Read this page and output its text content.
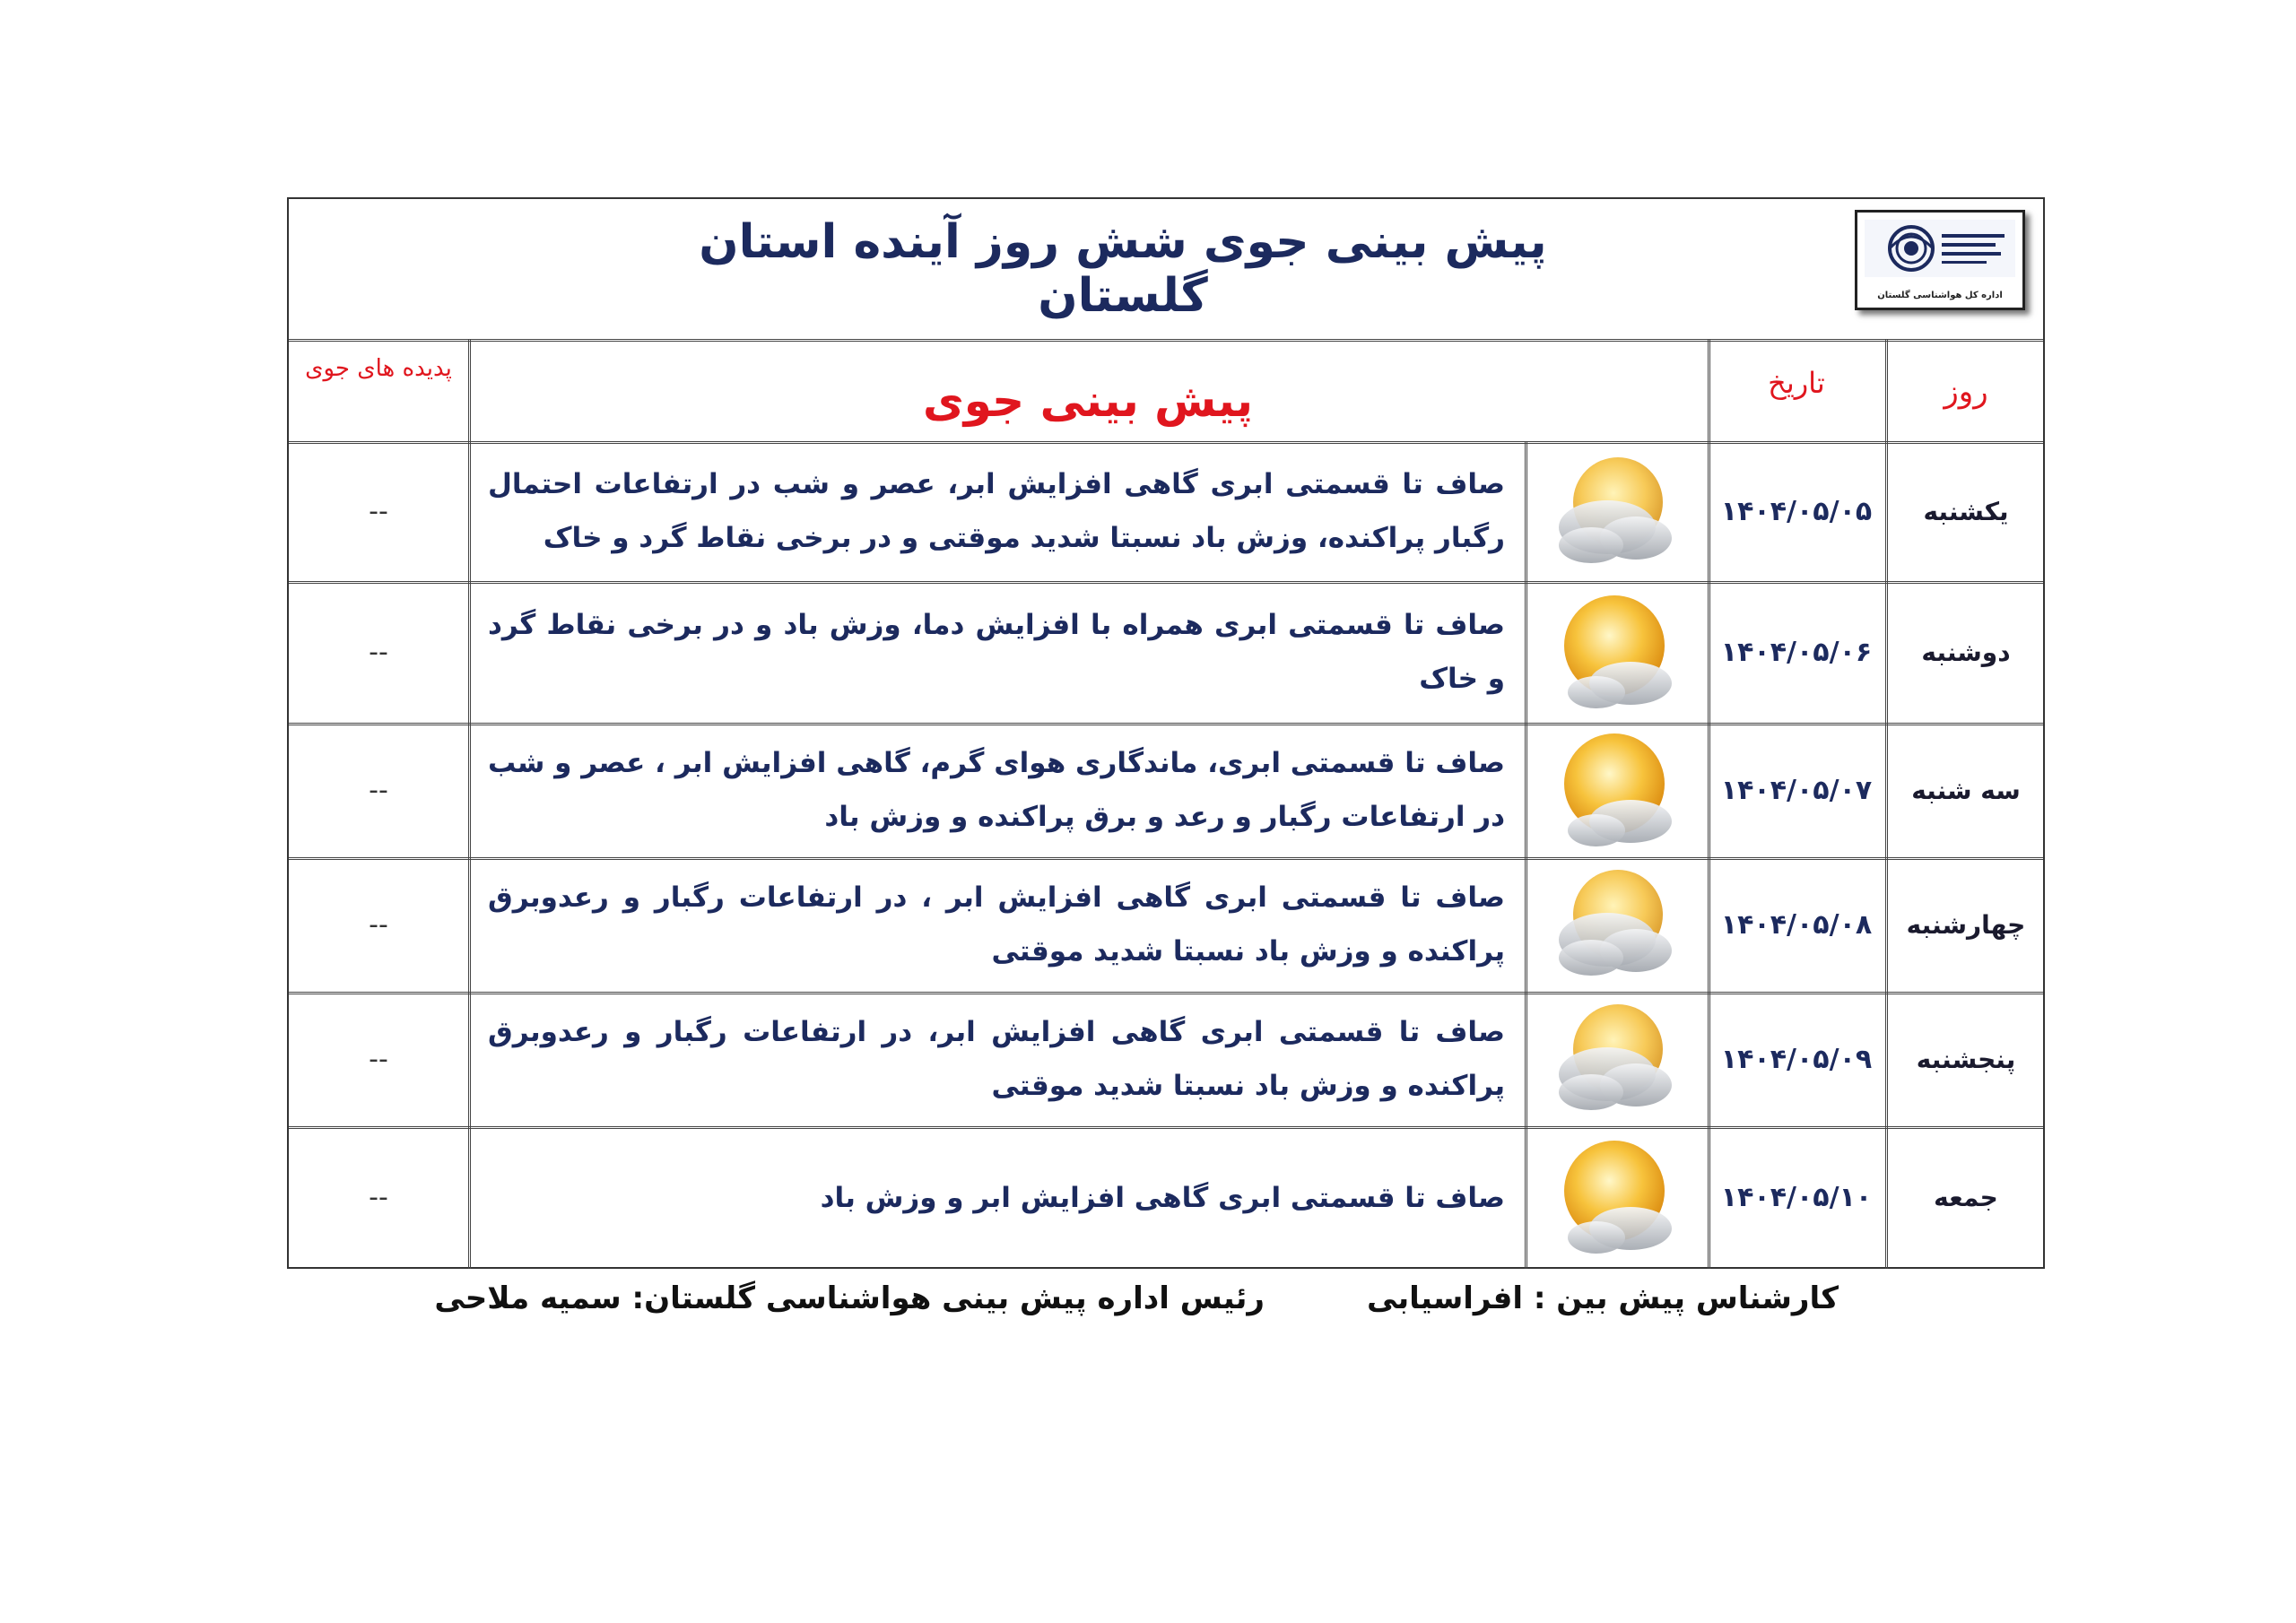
پیش بینی جوی شش روز آینده استان گلستان	اداره کل هواشناسی گلستان
روز
تاریخ
پیش بینی جوی
پدیده های جوی
یکشنبه
۱۴۰۴/۰۵/۰۵
صاف تا قسمتی ابری گاهی افزایش ابر، عصر و شب در ارتفاعات احتمال رگبار پراکنده، وزش باد نسبتا شدید موقتی و در برخی نقاط گرد و خاک
--
دوشنبه
۱۴۰۴/۰۵/۰۶
صاف تا قسمتی ابری همراه با افزایش دما، وزش باد و در برخی نقاط گرد و خاک
--
سه شنبه
۱۴۰۴/۰۵/۰۷
صاف تا قسمتی ابری، ماندگاری هوای گرم، گاهی افزایش ابر ، عصر و شب در ارتفاعات رگبار و رعد و برق پراکنده و وزش باد
--
چهارشنبه
۱۴۰۴/۰۵/۰۸
صاف تا قسمتی ابری گاهی افزایش ابر ، در ارتفاعات رگبار و رعدوبرق پراکنده و وزش باد نسبتا شدید موقتی
--
پنجشنبه
۱۴۰۴/۰۵/۰۹
صاف تا قسمتی ابری گاهی افزایش ابر، در ارتفاعات رگبار و رعدوبرق پراکنده و وزش باد نسبتا شدید موقتی
--
جمعه
۱۴۰۴/۰۵/۱۰
صاف تا قسمتی ابری گاهی افزایش ابر و وزش باد
--
کارشناس پیش بین : افراسیابی
رئیس اداره پیش بینی هواشناسی گلستان: سمیه ملاحی
